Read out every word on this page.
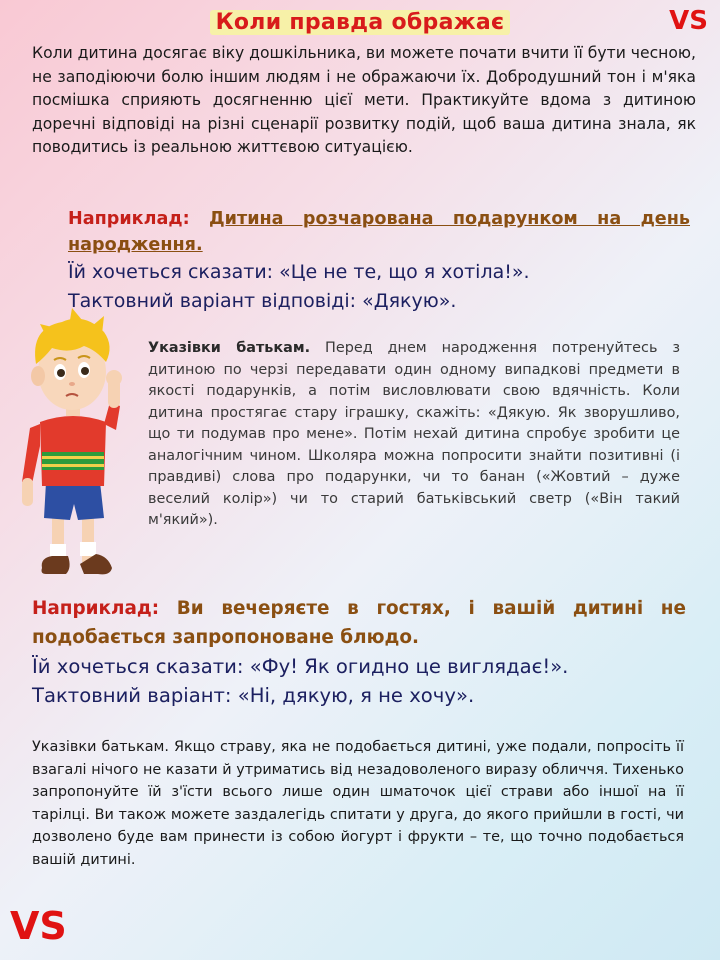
Коли правда ображає	VS
Коли дитина досягає віку дошкільника, ви можете почати вчити її бути чесною, не заподіюючи болю іншим людям і не ображаючи їх. Добродушний тон і м'яка посмішка сприяють досягненню цієї мети. Практикуйте вдома з дитиною доречні відповіді на різні сценарії розвитку подій, щоб ваша дитина знала, як поводитись із реальною життєвою ситуацією.
Наприклад: Дитина розчарована подарунком на день народження.
Їй хочеться сказати: «Це не те, що я хотіла!».
Тактовний варіант відповіді: «Дякую».
Указівки батькам. Перед днем народження потренуйтесь з дитиною по черзі передавати один одному випадкові предмети в якості подарунків, а потім висловлювати свою вдячність. Коли дитина простягає стару іграшку, скажіть: «Дякую. Як зворушливо, що ти подумав про мене». Потім нехай дитина спробує зробити це аналогічним чином. Школяра можна попросити знайти позитивні (і правдиві) слова про подарунки, чи то банан («Жовтий – дуже веселий колір») чи то старий батьківський светр («Він такий м'який»).
Наприклад: Ви вечеряєте в гостях, і вашій дитині не подобається запропоноване блюдо.
Їй хочеться сказати: «Фу! Як огидно це виглядає!».
Тактовний варіант: «Ні, дякую, я не хочу».
Указівки батькам. Якщо страву, яка не подобається дитині, уже подали, попросіть її взагалі нічого не казати й утриматись від незадоволеного виразу обличчя. Тихенько запропонуйте їй з'їсти всього лише один шматочок цієї страви або іншої на її тарілці. Ви також можете заздалегідь спитати у друга, до якого прийшли в гості, чи дозволено буде вам принести із собою йогурт і фрукти – те, що точно подобається вашій дитині.
VS
